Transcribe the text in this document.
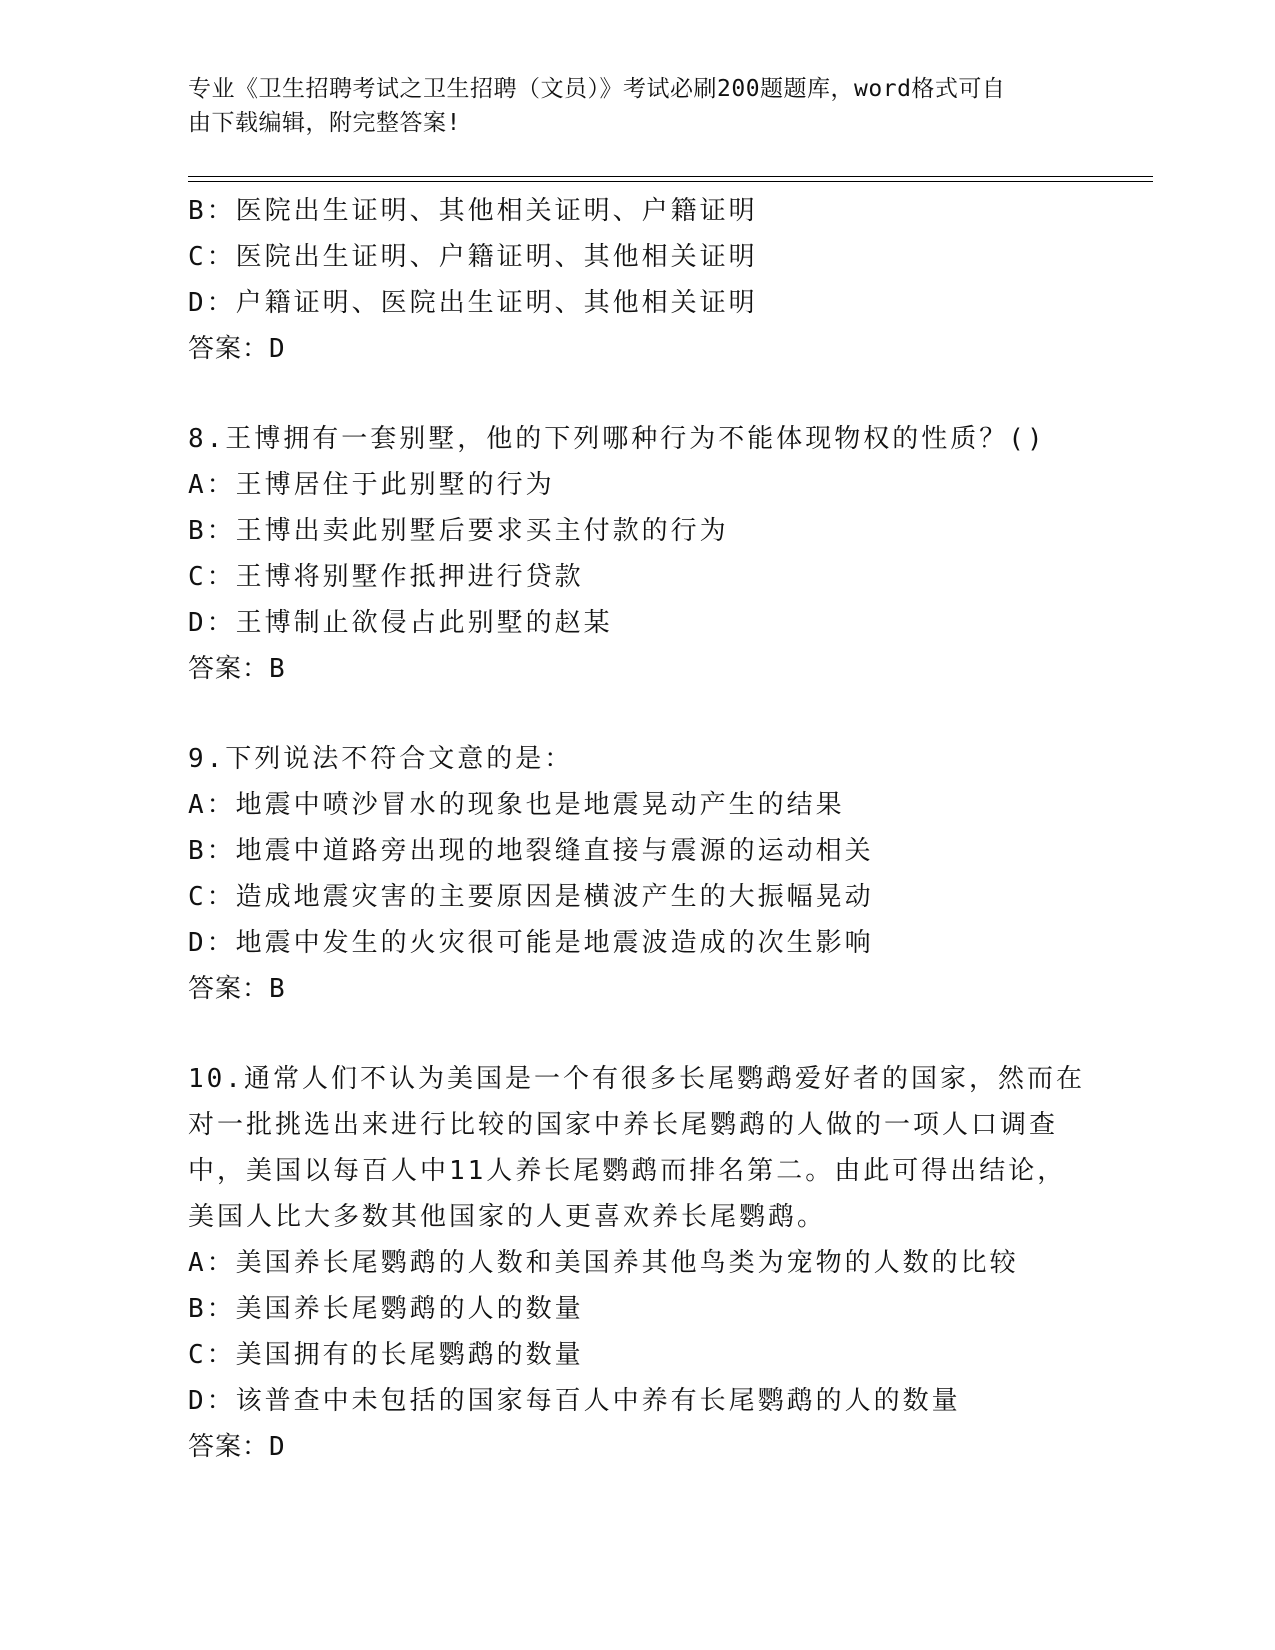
专业《卫生招聘考试之卫生招聘（文员）》考试必刷200题题库，word格式可自
由下载编辑，附完整答案!
B：医院出生证明、其他相关证明、户籍证明
C：医院出生证明、户籍证明、其他相关证明
D：户籍证明、医院出生证明、其他相关证明
答案：D
8.王博拥有一套别墅，他的下列哪种行为不能体现物权的性质？()
A：王博居住于此别墅的行为
B：王博出卖此别墅后要求买主付款的行为
C：王博将别墅作抵押进行贷款
D：王博制止欲侵占此别墅的赵某
答案：B
9.下列说法不符合文意的是：
A：地震中喷沙冒水的现象也是地震晃动产生的结果
B：地震中道路旁出现的地裂缝直接与震源的运动相关
C：造成地震灾害的主要原因是横波产生的大振幅晃动
D：地震中发生的火灾很可能是地震波造成的次生影响
答案：B
10.通常人们不认为美国是一个有很多长尾鹦鹉爱好者的国家，然而在
对一批挑选出来进行比较的国家中养长尾鹦鹉的人做的一项人口调查
中，美国以每百人中11人养长尾鹦鹉而排名第二。由此可得出结论，
美国人比大多数其他国家的人更喜欢养长尾鹦鹉。
A：美国养长尾鹦鹉的人数和美国养其他鸟类为宠物的人数的比较
B：美国养长尾鹦鹉的人的数量
C：美国拥有的长尾鹦鹉的数量
D：该普查中未包括的国家每百人中养有长尾鹦鹉的人的数量
答案：D
